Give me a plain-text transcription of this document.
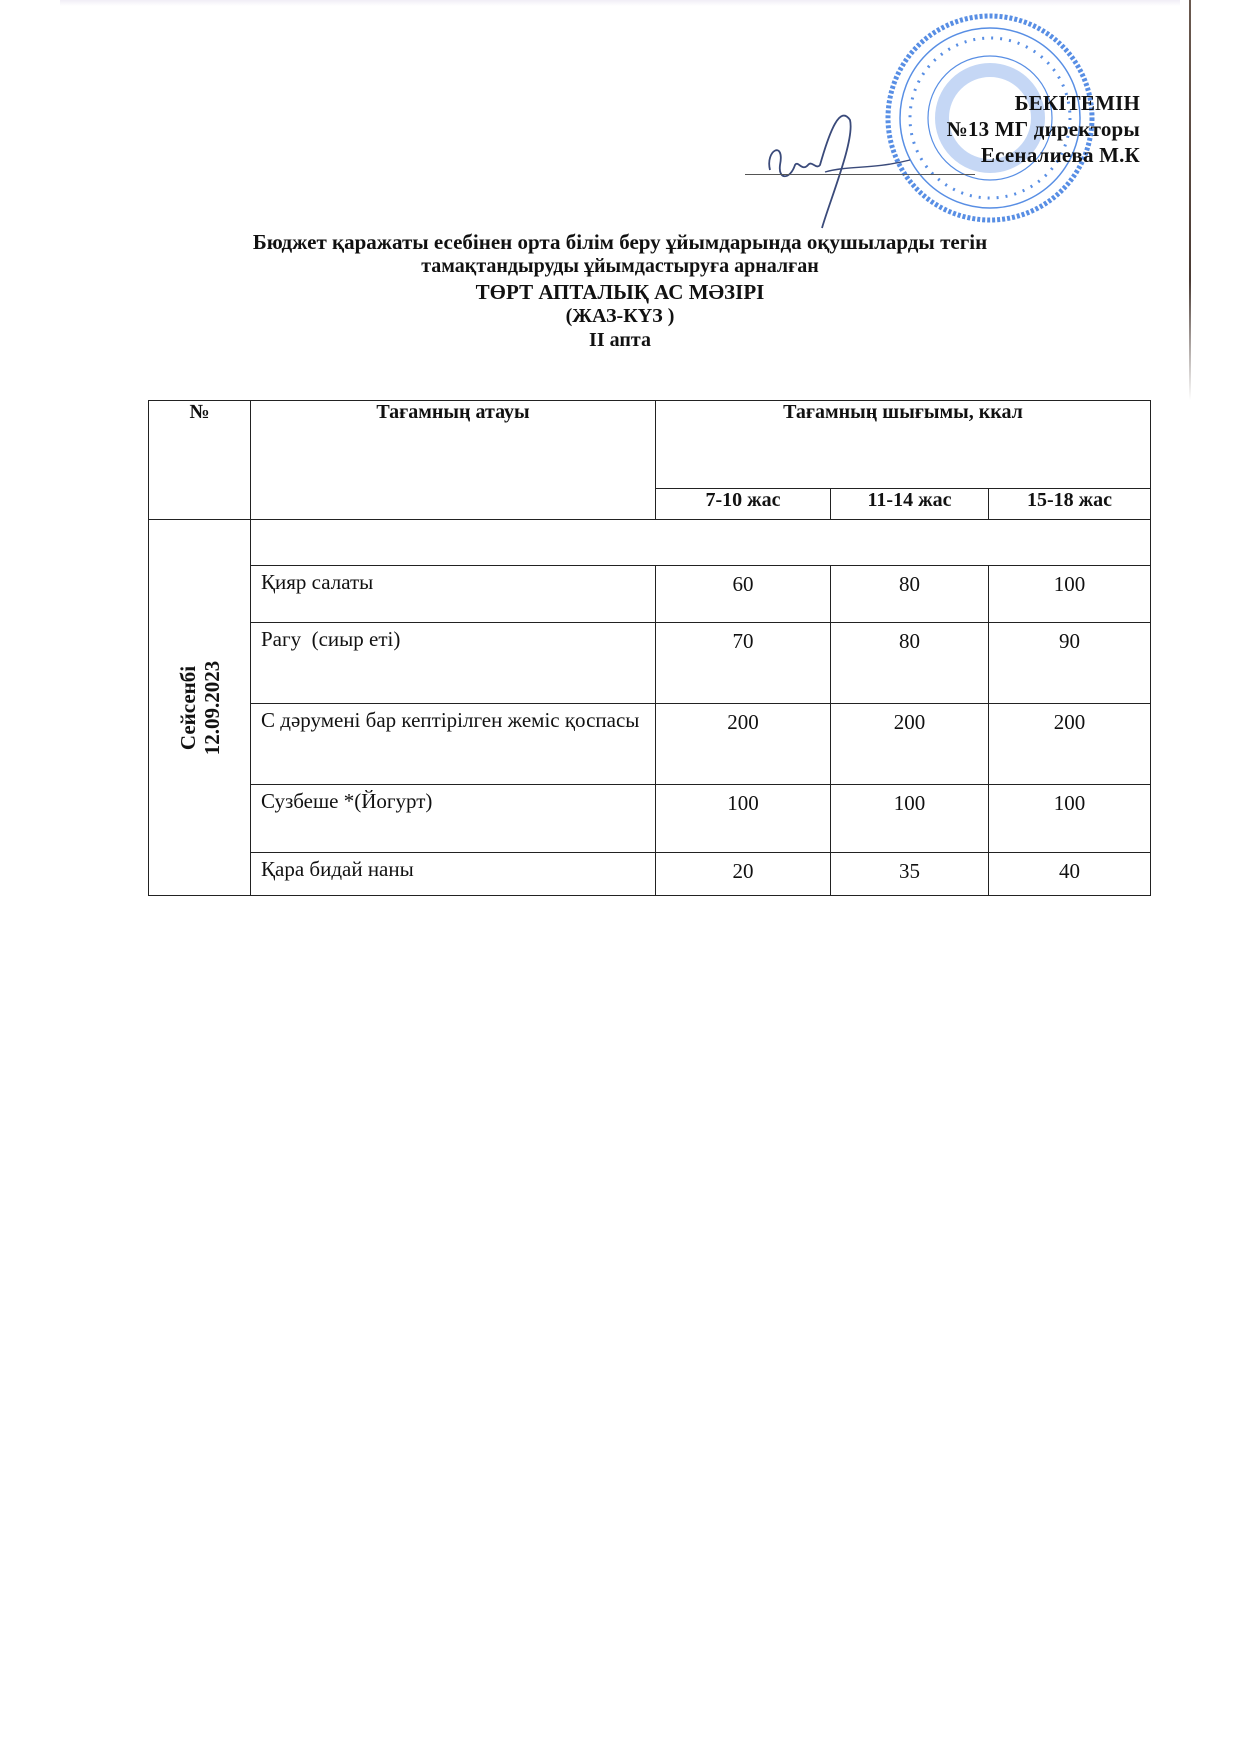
БЕКІТЕМІН
№13 МГ директоры
Есеналиева М.К
Бюджет қаражаты есебінен орта білім беру ұйымдарында оқушыларды тегін
тамақтандыруды ұйымдастыруға арналған
ТӨРТ АПТАЛЫҚ АС МӘЗІРІ
(ЖАЗ-КҮЗ )
II апта
№	Тағамның атауы	Тағамның шығымы, ккал		
		7-10 жас	11-14 жас	15-18 жас

Сейсенбі 12.09.2023				

	Қияр салаты	60	80	100
	Рагу  (сиыр еті)	70	80	90
	С дәрумені бар кептірілген жеміс қоспасы	200	200	200
	Сузбеше *(Йогурт)	100	100	100
	Қара бидай наны	20	35	40
